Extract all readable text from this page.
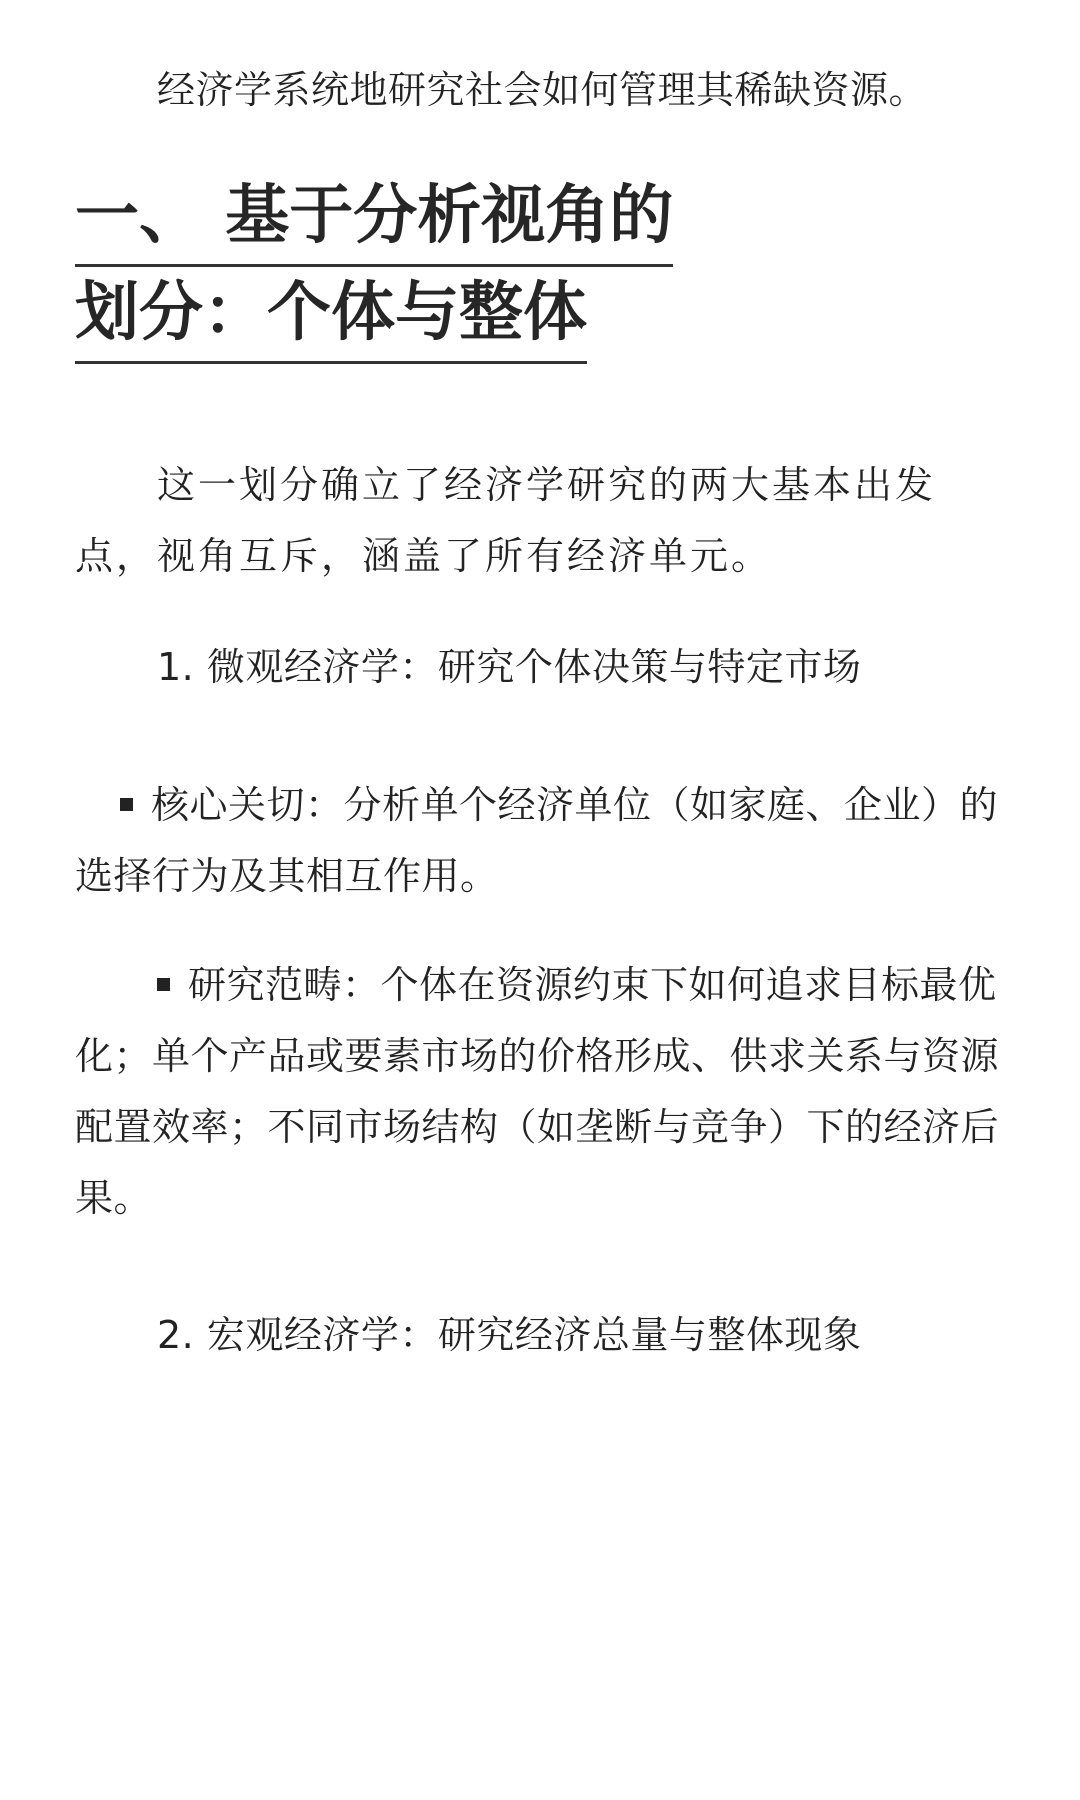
经济学系统地研究社会如何管理其稀缺资源。

一、 基于分析视角的
划分：个体与整体

这一划分确立了经济学研究的两大基本出发点，视角互斥，涵盖了所有经济单元。

1. 微观经济学：研究个体决策与特定市场

核心关切：分析单个经济单位（如家庭、企业）的选择行为及其相互作用。

研究范畴：个体在资源约束下如何追求目标最优化；单个产品或要素市场的价格形成、供求关系与资源配置效率；不同市场结构（如垄断与竞争）下的经济后果。

2. 宏观经济学：研究经济总量与整体现象
